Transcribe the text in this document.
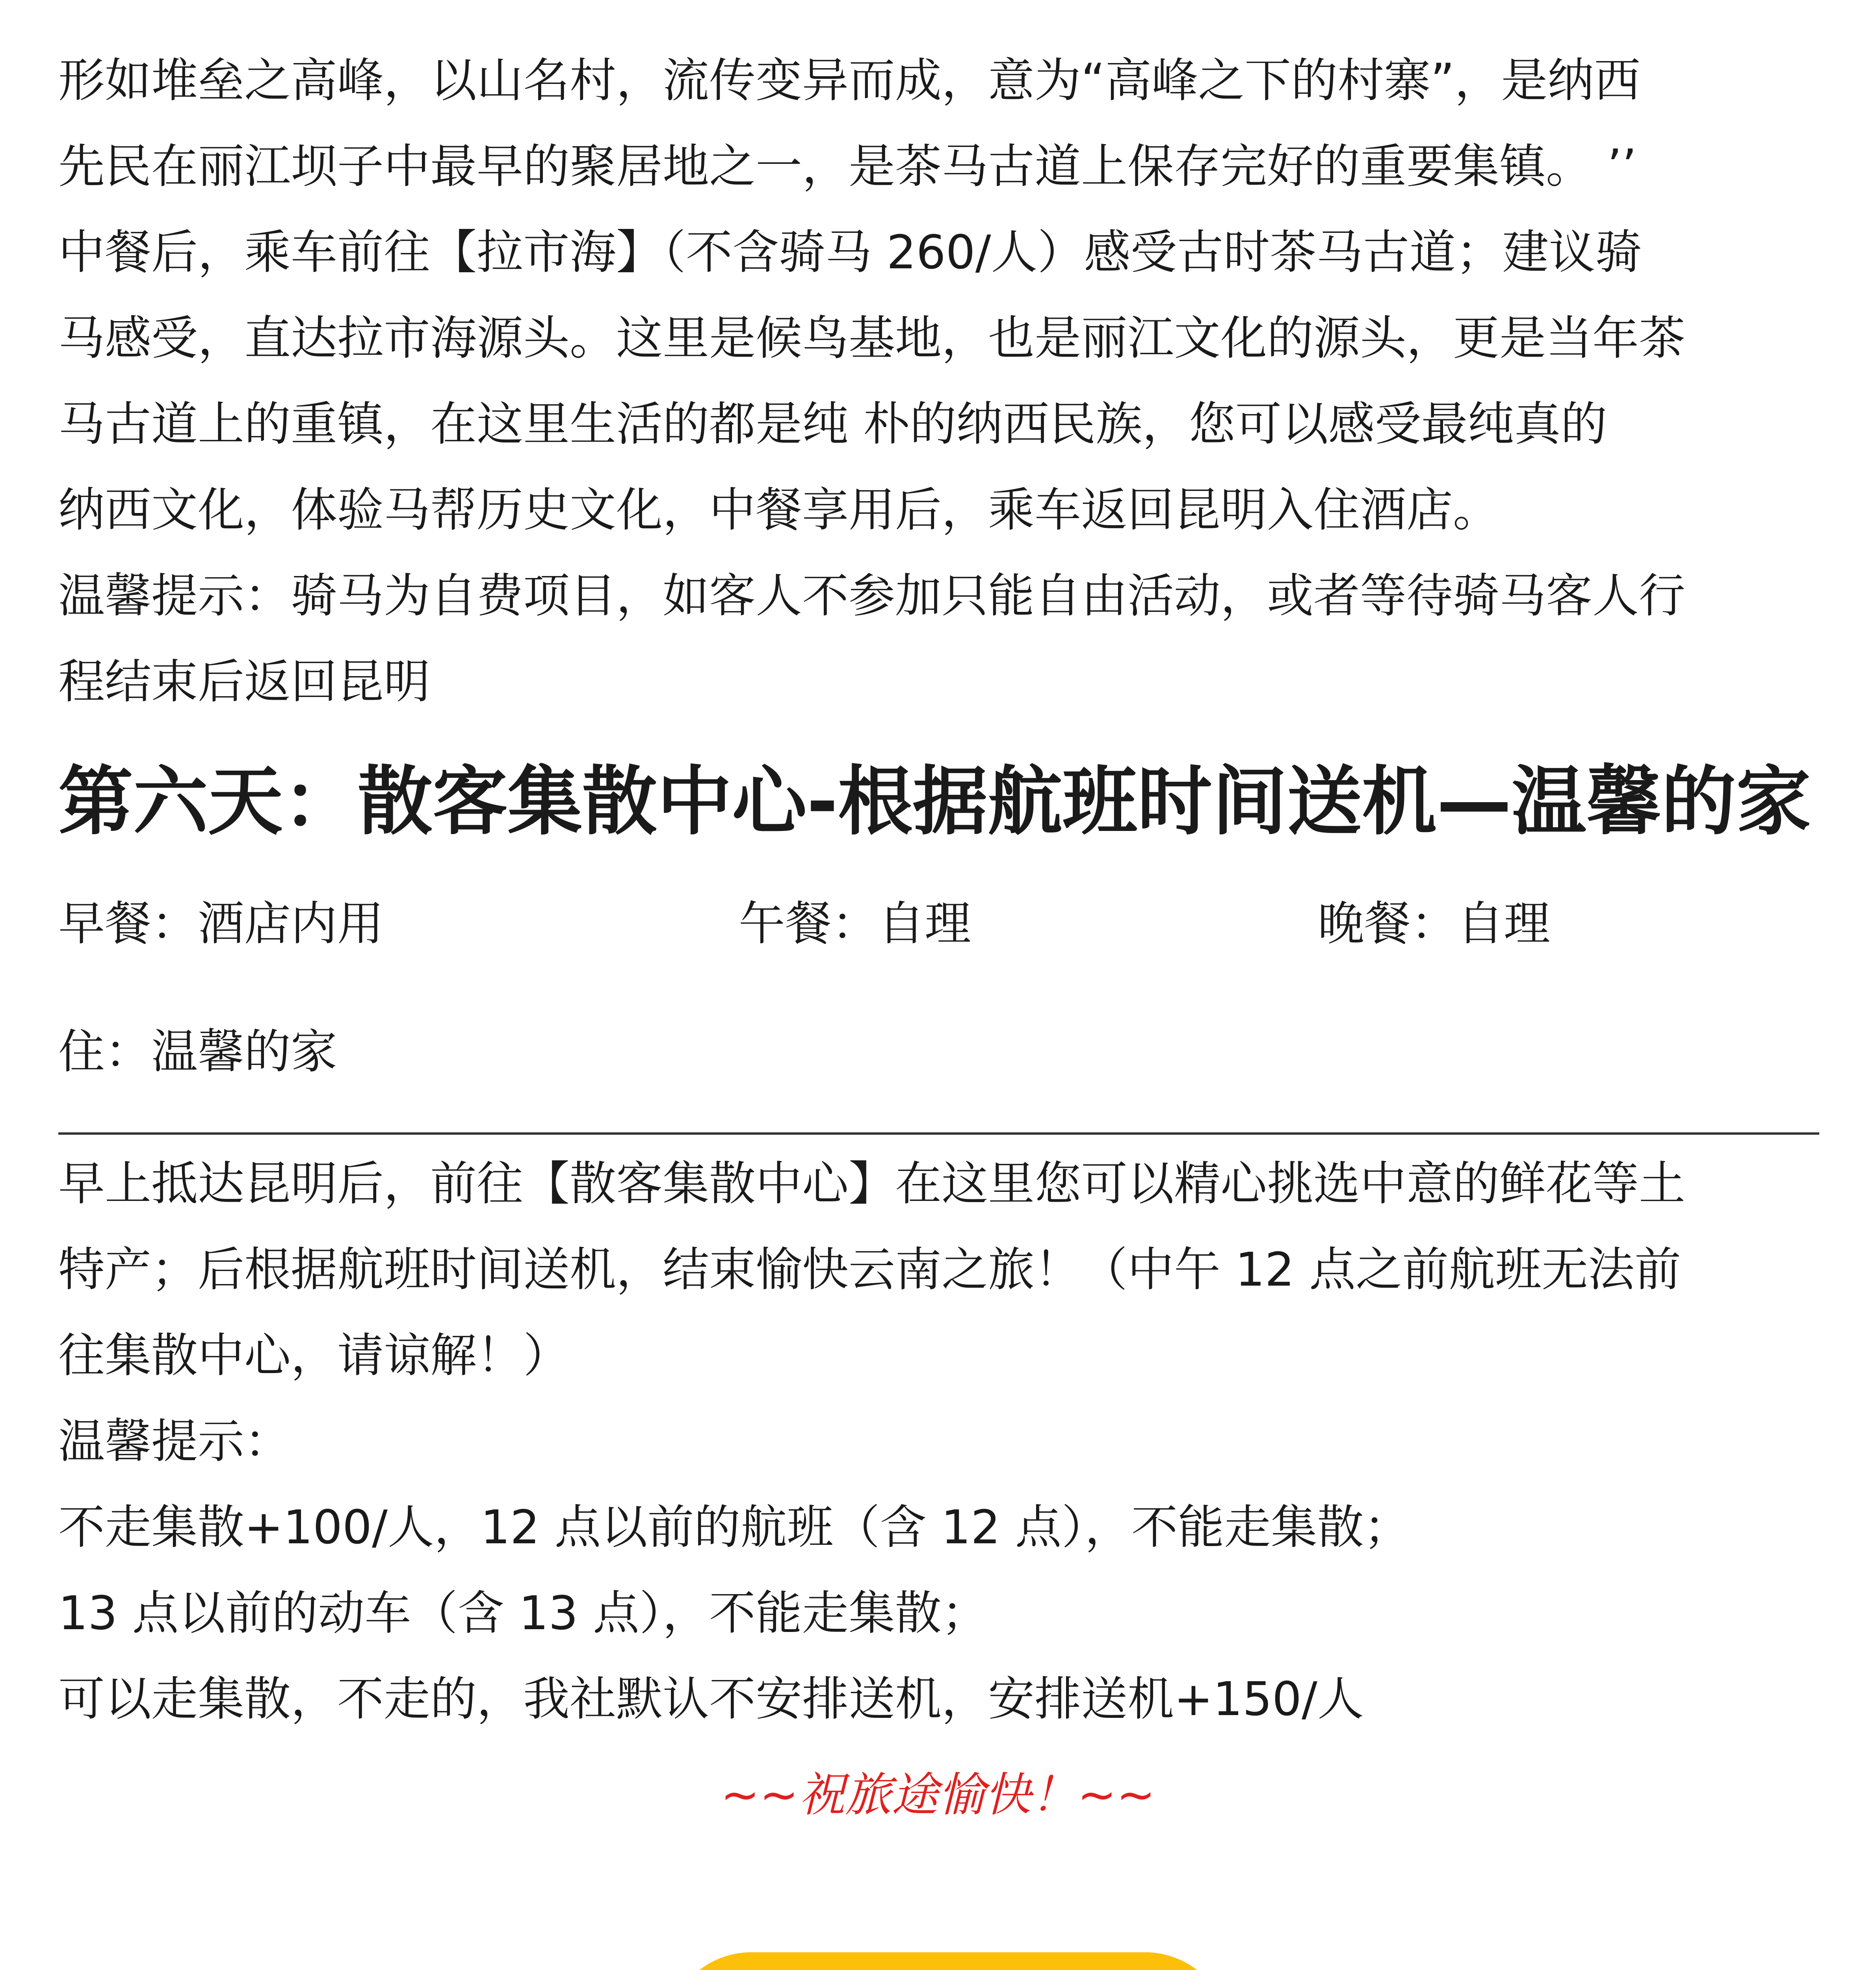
形如堆垒之高峰，以山名村，流传变异而成，意为“高峰之下的村寨”，是纳西
先民在丽江坝子中最早的聚居地之一，是茶马古道上保存完好的重要集镇。 ’’
中餐后，乘车前往【拉市海】（不含骑马 260/人）感受古时茶马古道；建议骑
马感受，直达拉市海源头。这里是候鸟基地，也是丽江文化的源头，更是当年茶
马古道上的重镇，在这里生活的都是纯 朴的纳西民族，您可以感受最纯真的
纳西文化，体验马帮历史文化，中餐享用后，乘车返回昆明入住酒店。
温馨提示：骑马为自费项目，如客人不参加只能自由活动，或者等待骑马客人行
程结束后返回昆明
第六天：散客集散中心-根据航班时间送机—温馨的家
早餐：酒店内用	午餐：自理	晚餐：自理
住：温馨的家
早上抵达昆明后，前往【散客集散中心】在这里您可以精心挑选中意的鲜花等土
特产；后根据航班时间送机，结束愉快云南之旅！（中午 12 点之前航班无法前
往集散中心，请谅解！）
温馨提示：
不走集散+100/人，12 点以前的航班（含 12 点），不能走集散；
13 点以前的动车（含 13 点），不能走集散；
可以走集散，不走的，我社默认不安排送机，安排送机+150/人
~~祝旅途愉快！~~
